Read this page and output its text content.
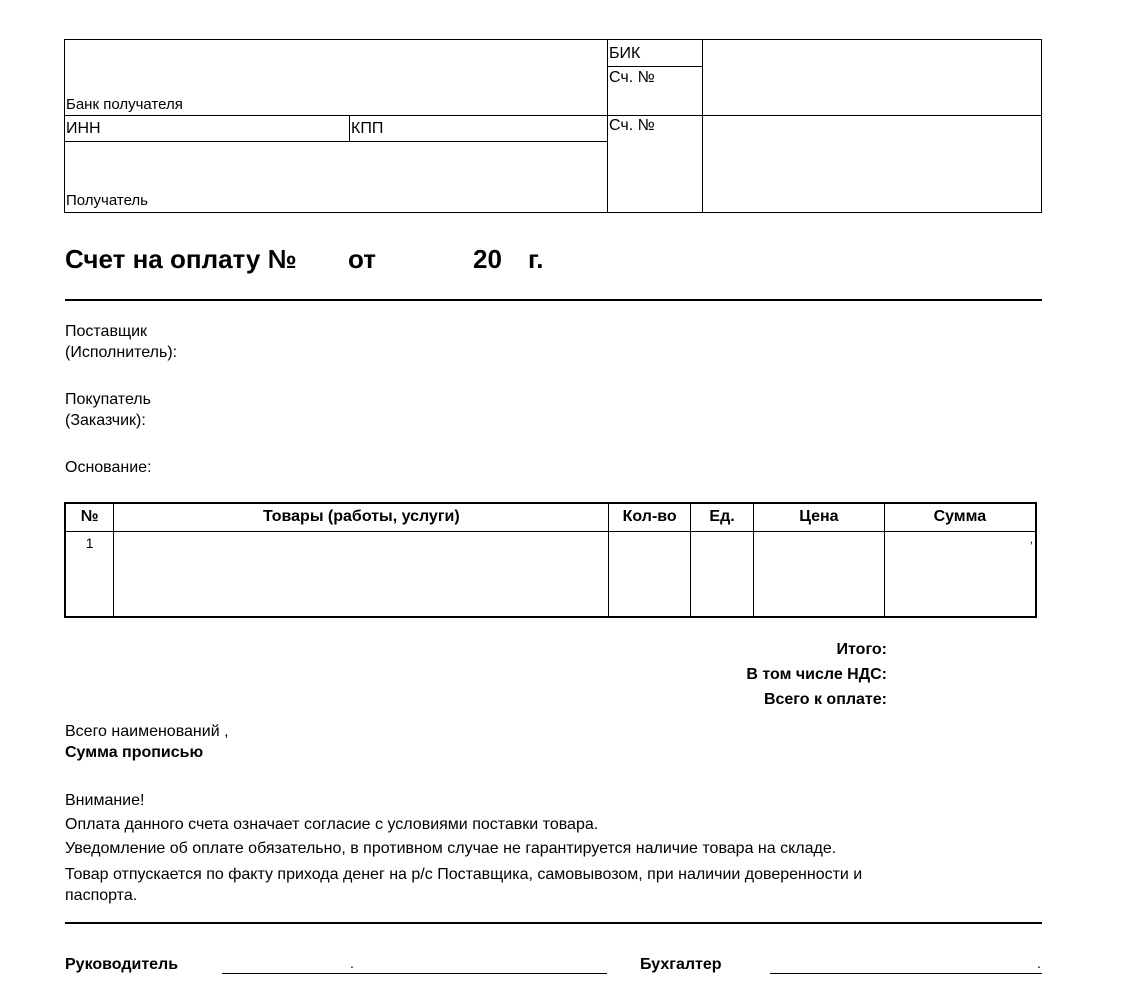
Банк получателя
БИК
Сч. №
ИНН	КПП	Сч. №
Получатель
Счет на оплату № от	20 г.
Поставщик
(Исполнитель):
Покупатель
(Заказчик):
Основание:
№	Товары (работы, услуги)	Кол-во	Ед.	Цена	Сумма
1					,
Итого:
В том числе НДС:
Всего к оплате:
Всего наименований ,
Сумма прописью
Внимание!
Оплата данного счета означает согласие с условиями поставки товара.
Уведомление об оплате обязательно, в противном случае не гарантируется наличие товара на складе.
Товар отпускается по факту прихода денег на р/с Поставщика, самовывозом, при наличии доверенности и
паспорта.
Руководитель	.	Бухгалтер	.
